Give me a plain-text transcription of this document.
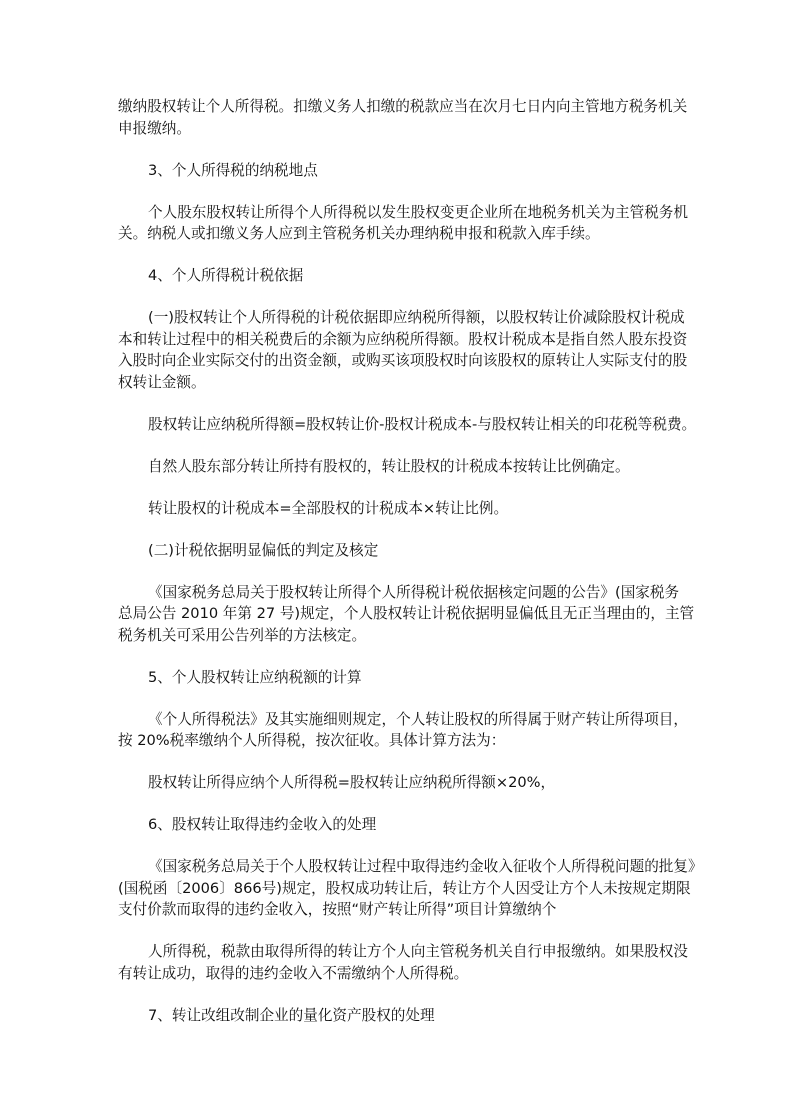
缴纳股权转让个人所得税。扣缴义务人扣缴的税款应当在次月七日内向主管地方税务机关
申报缴纳。
3、个人所得税的纳税地点
个人股东股权转让所得个人所得税以发生股权变更企业所在地税务机关为主管税务机
关。纳税人或扣缴义务人应到主管税务机关办理纳税申报和税款入库手续。
4、个人所得税计税依据
(一)股权转让个人所得税的计税依据即应纳税所得额，以股权转让价减除股权计税成
本和转让过程中的相关税费后的余额为应纳税所得额。股权计税成本是指自然人股东投资
入股时向企业实际交付的出资金额，或购买该项股权时向该股权的原转让人实际支付的股
权转让金额。
股权转让应纳税所得额=股权转让价-股权计税成本-与股权转让相关的印花税等税费。
自然人股东部分转让所持有股权的，转让股权的计税成本按转让比例确定。
转让股权的计税成本=全部股权的计税成本×转让比例。
(二)计税依据明显偏低的判定及核定
《国家税务总局关于股权转让所得个人所得税计税依据核定问题的公告》(国家税务
总局公告 2010 年第 27 号)规定，个人股权转让计税依据明显偏低且无正当理由的，主管
税务机关可采用公告列举的方法核定。
5、个人股权转让应纳税额的计算
《个人所得税法》及其实施细则规定，个人转让股权的所得属于财产转让所得项目，
按 20%税率缴纳个人所得税，按次征收。具体计算方法为：
股权转让所得应纳个人所得税=股权转让应纳税所得额×20%，
6、股权转让取得违约金收入的处理
《国家税务总局关于个人股权转让过程中取得违约金收入征收个人所得税问题的批复》
(国税函〔2006〕866号)规定，股权成功转让后，转让方个人因受让方个人未按规定期限
支付价款而取得的违约金收入，按照“财产转让所得”项目计算缴纳个
人所得税，税款由取得所得的转让方个人向主管税务机关自行申报缴纳。如果股权没
有转让成功，取得的违约金收入不需缴纳个人所得税。
7、转让改组改制企业的量化资产股权的处理
